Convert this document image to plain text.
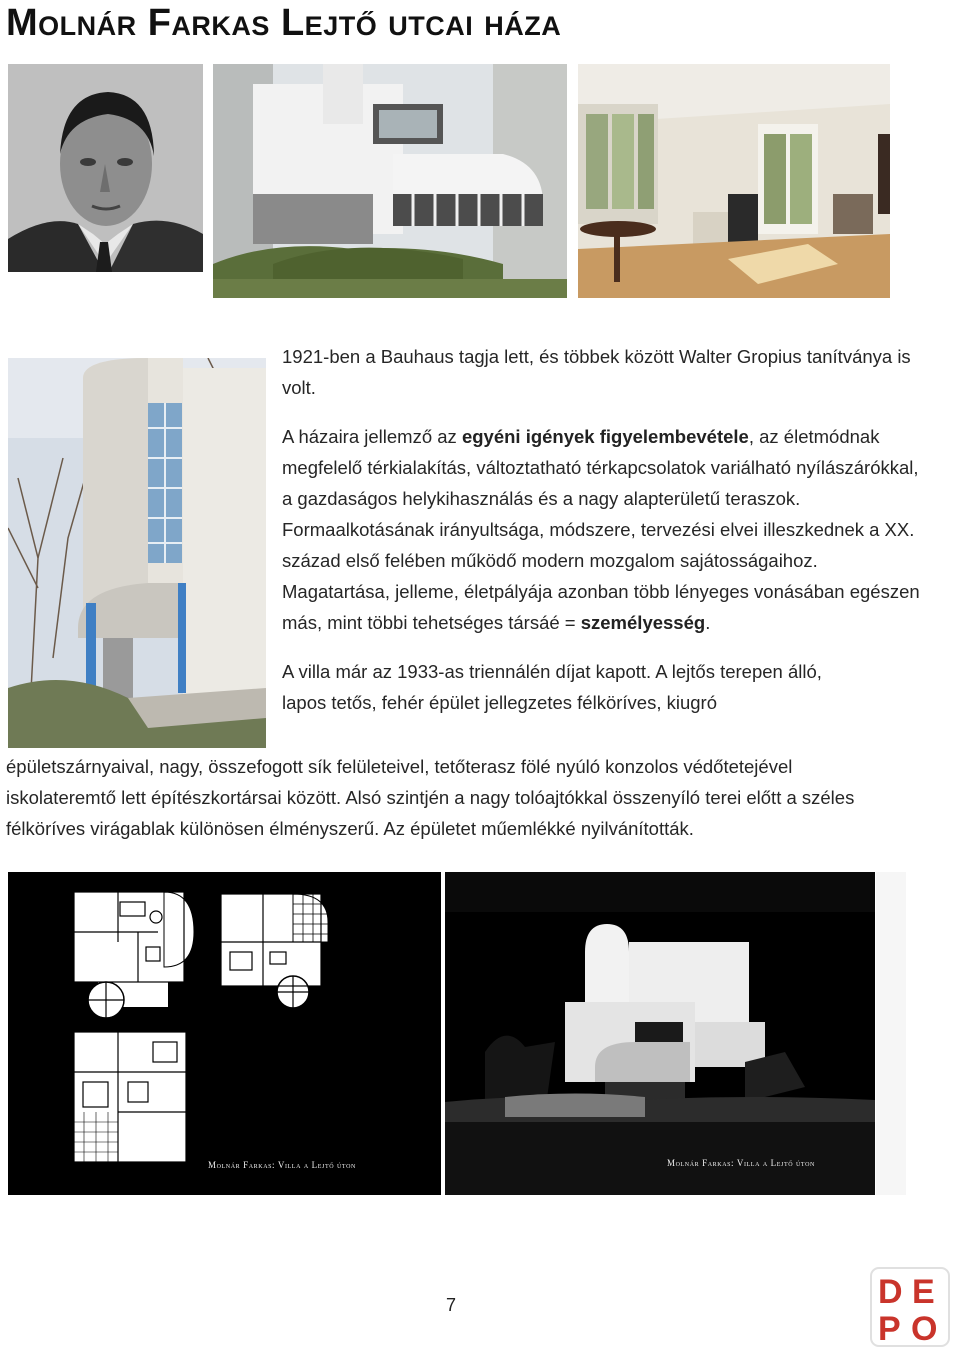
Molnár Farkas Lejtő utcai háza

1921-ben a Bauhaus tagja lett, és többek között Walter Gropius tanítványa is volt.

A házaira jellemző az egyéni igények figyelembevétele, az életmódnak megfelelő térkialakítás, változtatható térkapcsolatok variálható nyílászárókkal, a gazdaságos helykihasználás és a nagy alapterületű teraszok. Formaalkotásának irányultsága, módszere, tervezési elvei illeszkednek a XX. század első felében működő modern mozgalom sajátosságaihoz. Magatartása, jelleme, életpályája azonban több lényeges vonásában egészen más, mint többi tehetséges társáé = személyesség.

A villa már az 1933-as triennálén díjat kapott. A lejtős terepen álló,

lapos tetős, fehér épület jellegzetes félköríves, kiugró

épületszárnyaival, nagy, összefogott sík felületeivel, tetőterasz fölé nyúló konzolos védőtetejével iskolateremtő lett építészkortársai között. Alsó szintjén a nagy tolóajtókkal összenyíló terei előtt a széles félköríves virágablak különösen élményszerű. Az épületet műemlékké nyilvánították.
Molnár Farkas: Villa a Lejtő úton	Molnár Farkas: Villa a Lejtő úton
7	D E
P O
